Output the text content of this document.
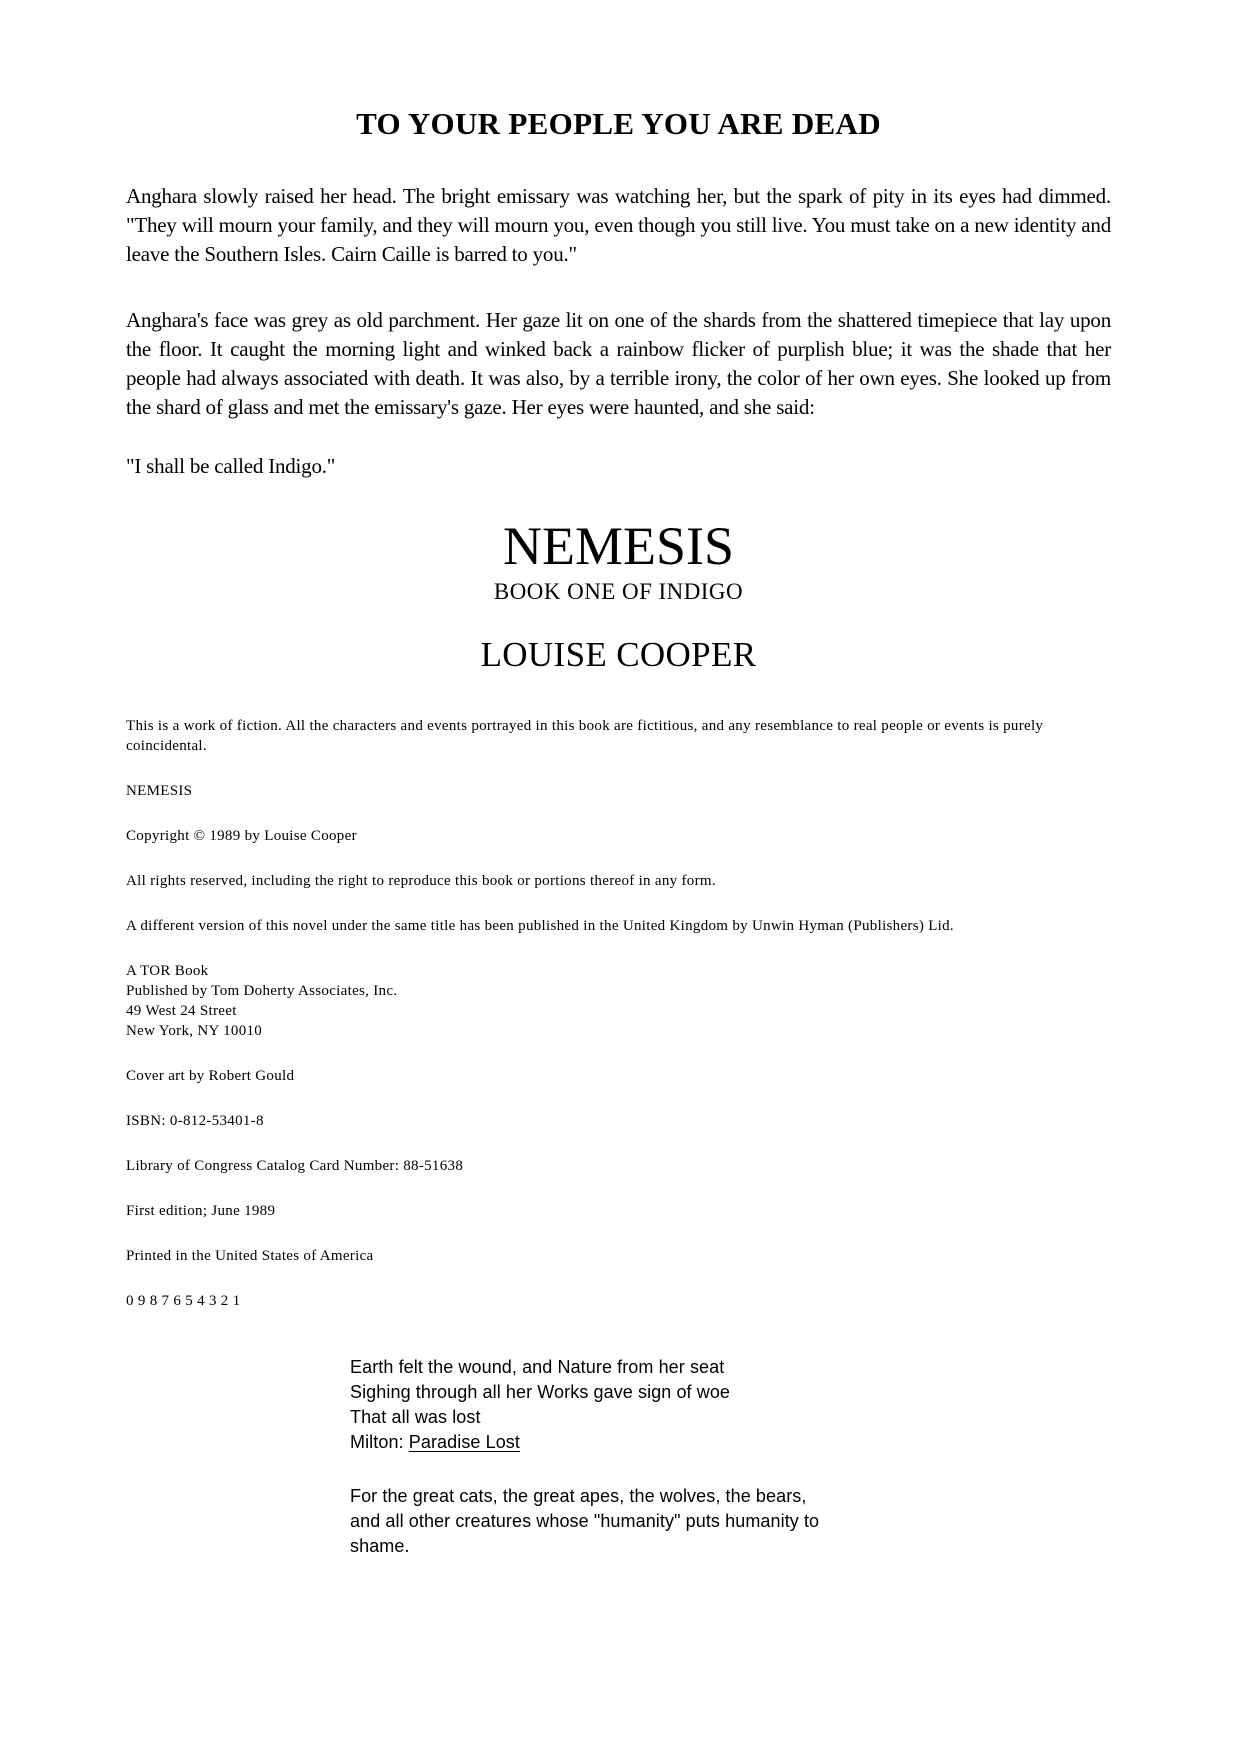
TO YOUR PEOPLE YOU ARE DEAD

Anghara slowly raised her head. The bright emissary was watching her, but the spark of pity in its eyes had dimmed. "They will mourn your family, and they will mourn you, even though you still live. You must take on a new identity and leave the Southern Isles. Cairn Caille is barred to you."

Anghara's face was grey as old parchment. Her gaze lit on one of the shards from the shattered timepiece that lay upon the floor. It caught the morning light and winked back a rainbow flicker of purplish blue; it was the shade that her people had always associated with death. It was also, by a terrible irony, the color of her own eyes. She looked up from the shard of glass and met the emissary's gaze. Her eyes were haunted, and she said:

"I shall be called Indigo."

NEMESIS
BOOK ONE OF INDIGO
LOUISE COOPER

This is a work of fiction. All the characters and events portrayed in this book are fictitious, and any resemblance to real people or events is purely coincidental.

NEMESIS

Copyright © 1989 by Louise Cooper

All rights reserved, including the right to reproduce this book or portions thereof in any form.

A different version of this novel under the same title has been published in the United Kingdom by Unwin Hyman (Publishers) Lid.

A TOR Book
Published by Tom Doherty Associates, Inc.
49 West 24 Street
New York, NY 10010

Cover art by Robert Gould

ISBN: 0-812-53401-8

Library of Congress Catalog Card Number: 88-51638

First edition; June 1989

Printed in the United States of America

0 9 8 7 6 5 4 3 2 1

Earth felt the wound, and Nature from her seat
Sighing through all her Works gave sign of woe
That all was lost
Milton: Paradise Lost
For the great cats, the great apes, the wolves, the bears,
and all other creatures whose "humanity" puts humanity to
shame.
